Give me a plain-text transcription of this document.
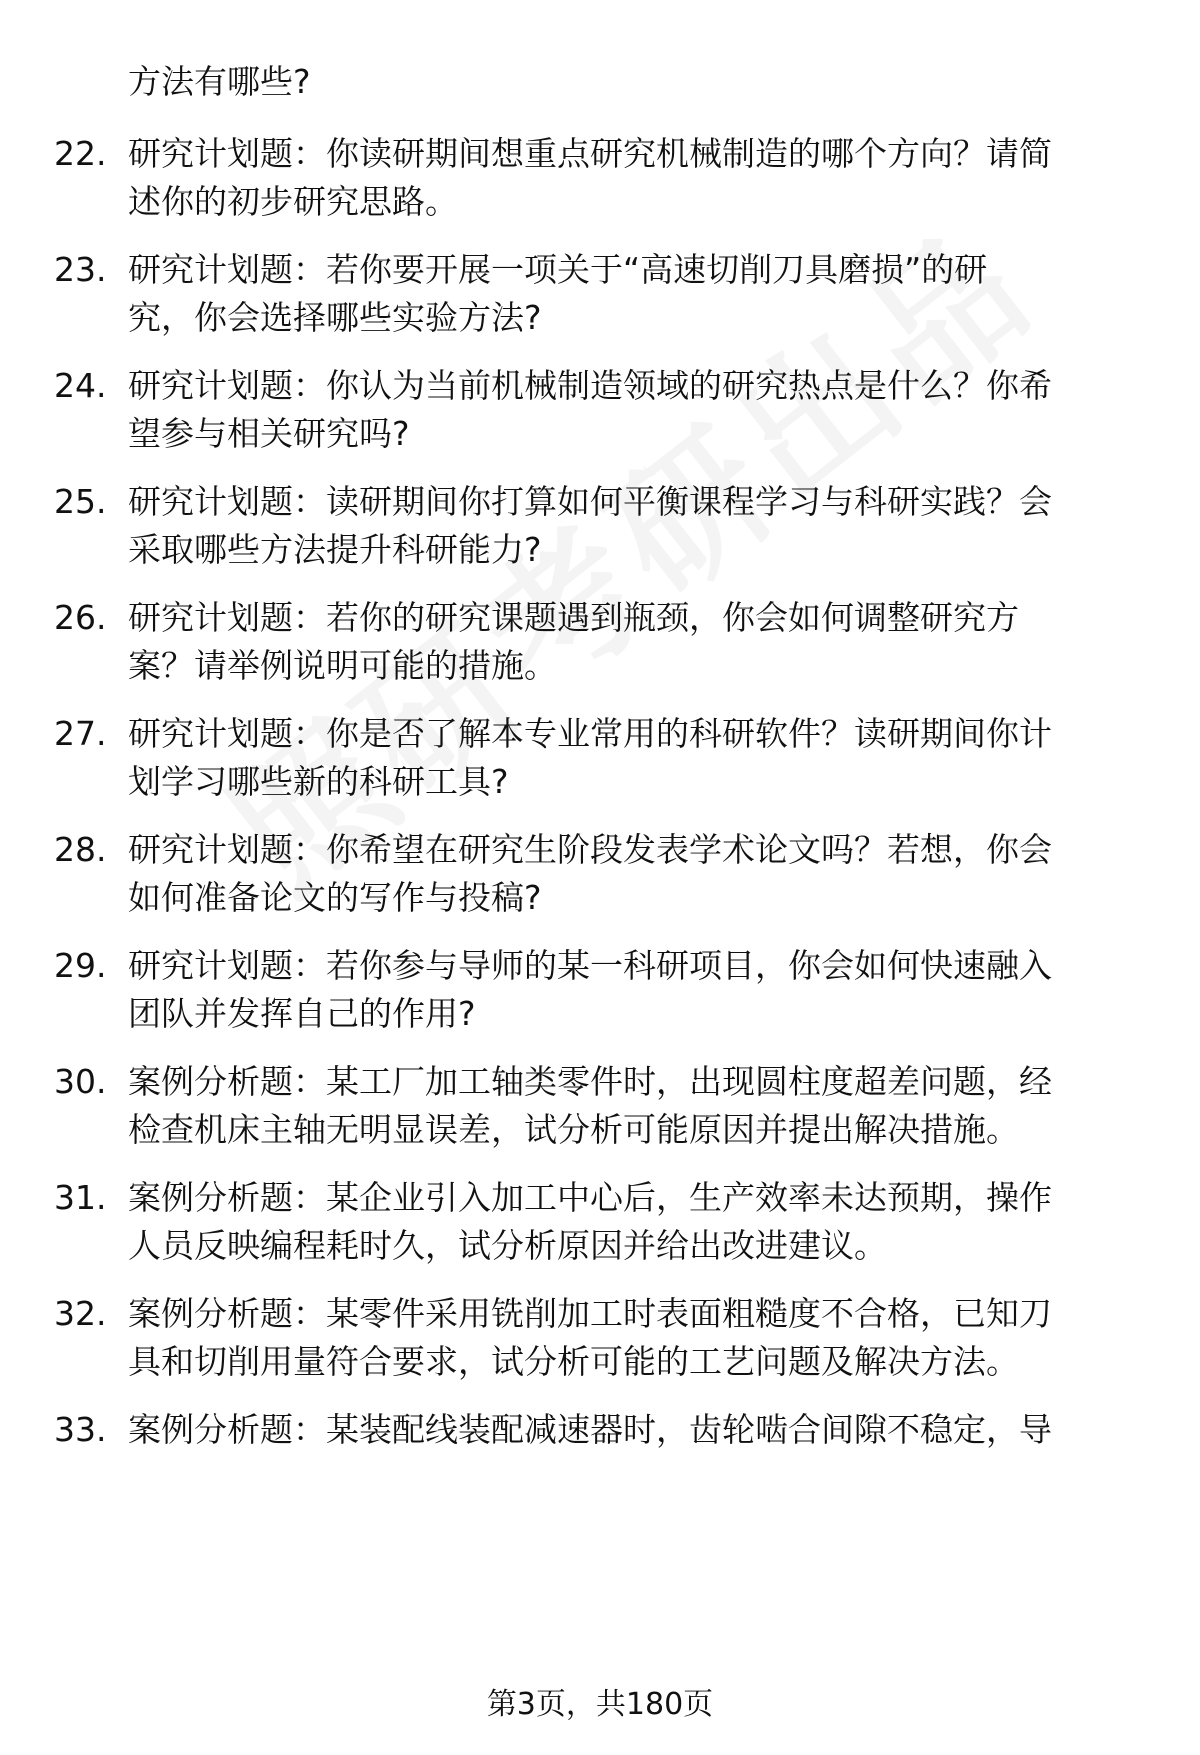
方法有哪些?

22. 研究计划题：你读研期间想重点研究机械制造的哪个方向？请简
述你的初步研究思路。
23. 研究计划题：若你要开展一项关于“高速切削刀具磨损”的研
究，你会选择哪些实验方法?
24. 研究计划题：你认为当前机械制造领域的研究热点是什么？你希
望参与相关研究吗?
25. 研究计划题：读研期间你打算如何平衡课程学习与科研实践？会
采取哪些方法提升科研能力?
26. 研究计划题：若你的研究课题遇到瓶颈，你会如何调整研究方
案？请举例说明可能的措施。
27. 研究计划题：你是否了解本专业常用的科研软件？读研期间你计
划学习哪些新的科研工具?
28. 研究计划题：你希望在研究生阶段发表学术论文吗？若想，你会
如何准备论文的写作与投稿?
29. 研究计划题：若你参与导师的某一科研项目，你会如何快速融入
团队并发挥自己的作用?
30. 案例分析题：某工厂加工轴类零件时，出现圆柱度超差问题，经
检查机床主轴无明显误差，试分析可能原因并提出解决措施。
31. 案例分析题：某企业引入加工中心后，生产效率未达预期，操作
人员反映编程耗时久，试分析原因并给出改进建议。
32. 案例分析题：某零件采用铣削加工时表面粗糙度不合格，已知刀
具和切削用量符合要求，试分析可能的工艺问题及解决方法。
33. 案例分析题：某装配线装配减速器时，齿轮啮合间隙不稳定，导
第3页，共180页
